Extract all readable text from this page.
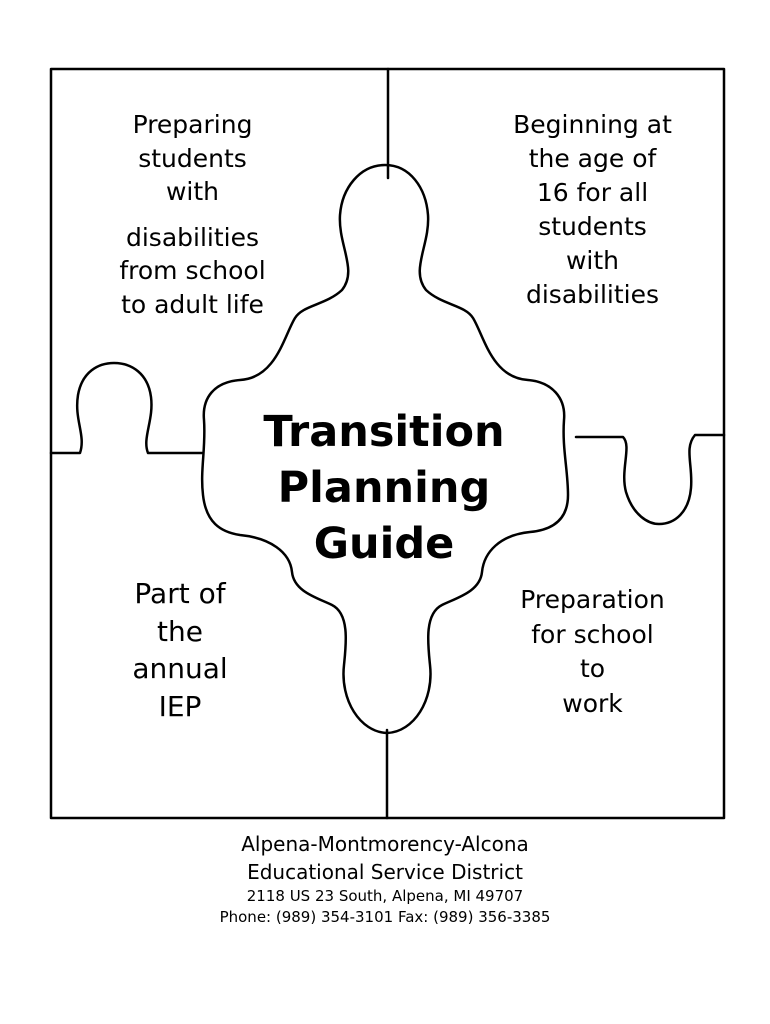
Preparing
students
with
disabilities
from school
to adult life
Beginning at
the age of
16 for all
students
with
disabilities
Transition
Planning
Guide
Part of
the
annual
IEP
Preparation
for school
to
work
Alpena-Montmorency-Alcona
Educational Service District
2118 US 23 South, Alpena, MI 49707
Phone: (989) 354-3101 Fax: (989) 356-3385
